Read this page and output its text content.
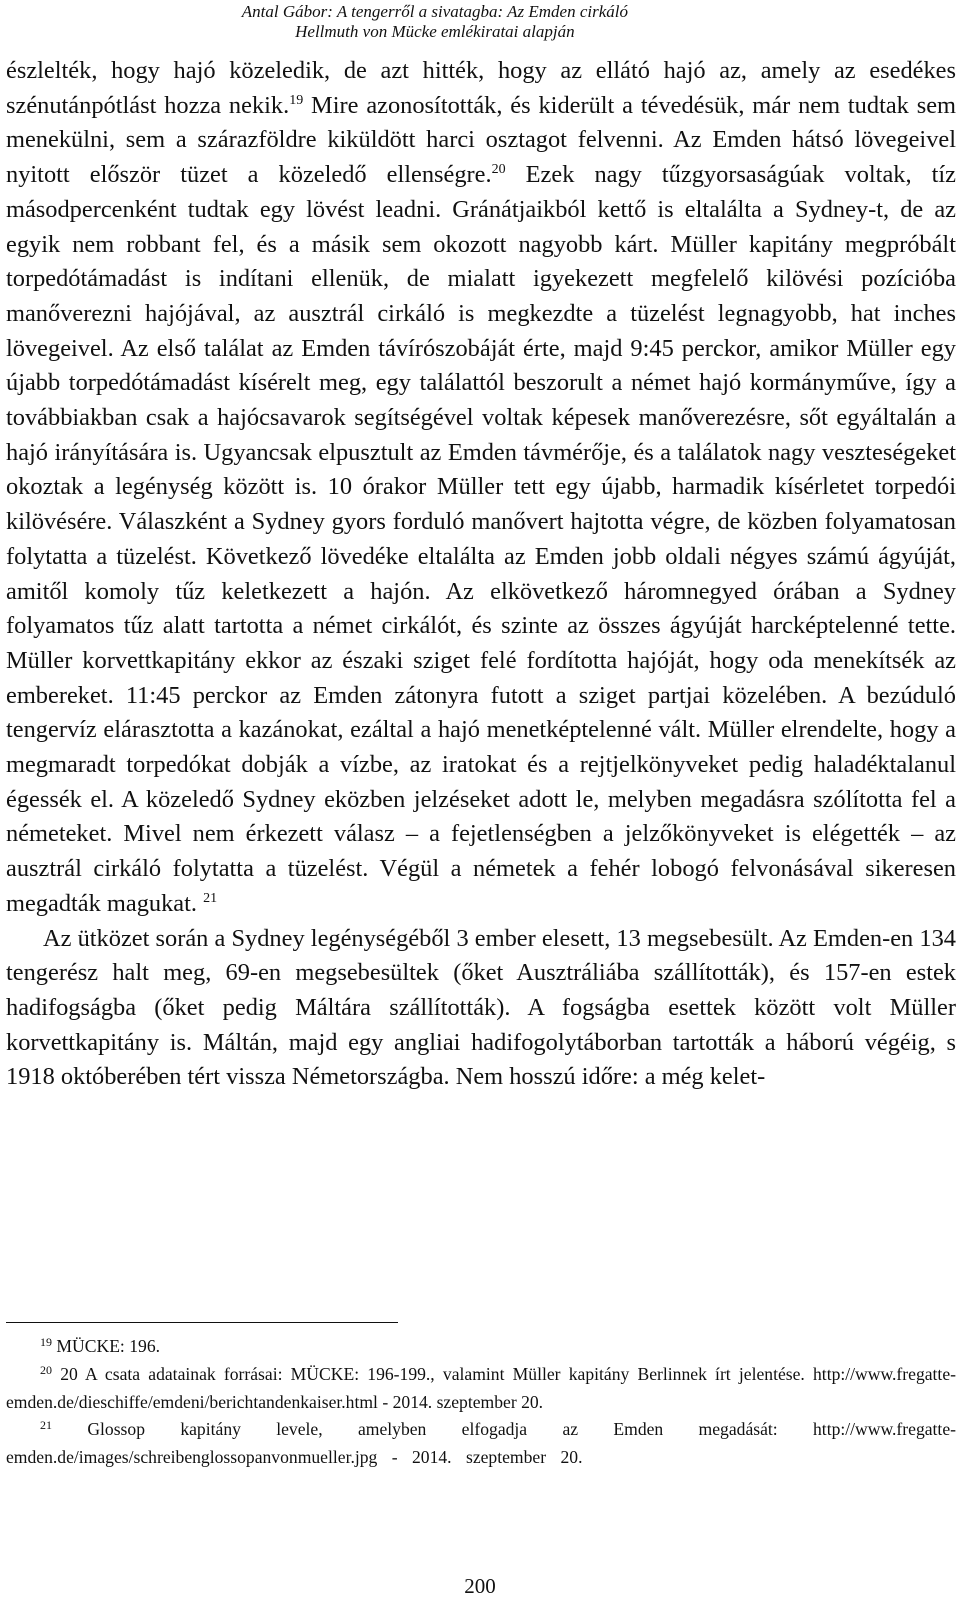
Antal Gábor: A tengerről a sivatagba: Az Emden cirkáló
Hellmuth von Mücke emlékiratai alapján

észlelték, hogy hajó közeledik, de azt hitték, hogy az ellátó hajó az, amely az esedékes szénutánpótlást hozza nekik.$^{19}$ Mire azonosították, és kiderült a tévedésük, már nem tudtak sem menekülni, sem a szárazföldre kiküldött harci osztagot felvenni. Az Emden hátsó lövegeivel nyitott először tüzet a közeledő ellenségre.$^{20}$ Ezek nagy tűzgyorsaságúak voltak, tíz másodpercenként tudtak egy lövést leadni. Gránátjaikból kettő is eltalálta a Sydney-t, de az egyik nem robbant fel, és a másik sem okozott nagyobb kárt. Müller kapitány megpróbált torpedótámadást is indítani ellenük, de mialatt igyekezett megfelelő kilövési pozícióba manőverezni hajójával, az ausztrál cirkáló is megkezdte a tüzelést legnagyobb, hat inches lövegeivel. Az első találat az Emden távírószobáját érte, majd 9:45 perckor, amikor Müller egy újabb torpedótámadást kísérelt meg, egy találattól beszorult a német hajó kormányműve, így a továbbiakban csak a hajócsavarok segítségével voltak képesek manőverezésre, sőt egyáltalán a hajó irányítására is. Ugyancsak elpusztult az Emden távmérője, és a találatok nagy veszteségeket okoztak a legénység között is. 10 órakor Müller tett egy újabb, harmadik kísérletet torpedói kilövésére. Válaszként a Sydney gyors forduló manővert hajtotta végre, de közben folyamatosan folytatta a tüzelést. Következő lövedéke eltalálta az Emden jobb oldali négyes számú ágyúját, amitől komoly tűz keletkezett a hajón. Az elkövetkező háromnegyed órában a Sydney folyamatos tűz alatt tartotta a német cirkálót, és szinte az összes ágyúját harcképtelenné tette. Müller korvettkapitány ekkor az északi sziget felé fordította hajóját, hogy oda menekítsék az embereket. 11:45 perckor az Emden zátonyra futott a sziget partjai közelében. A bezúduló tengervíz elárasztotta a kazánokat, ezáltal a hajó menetképtelenné vált. Müller elrendelte, hogy a megmaradt torpedókat dobják a vízbe, az iratokat és a rejtjelkönyveket pedig haladéktalanul égessék el. A közeledő Sydney eközben jelzéseket adott le, melyben megadásra szólította fel a németeket. Mivel nem érkezett válasz – a fejetlenségben a jelzőkönyveket is elégették – az ausztrál cirkáló folytatta a tüzelést. Végül a németek a fehér lobogó felvonásával sikeresen megadták magukat. $^{21}$

Az ütközet során a Sydney legénységéből 3 ember elesett, 13 megsebesült. Az Emden-en 134 tengerész halt meg, 69-en megsebesültek (őket Ausztráliába szállították), és 157-en estek hadifogságba (őket pedig Máltára szállították). A fogságba esettek között volt Müller korvettkapitány is. Máltán, majd egy angliai hadifogolytáborban tartották a háború végéig, s 1918 októberében tért vissza Németországba. Nem hosszú időre: a még kelet-

$^{19}$ MÜCKE: 196.

$^{20}$ 20 A csata adatainak forrásai: MÜCKE: 196-199., valamint Müller kapitány Berlinnek írt jelentése. http://www.fregatte-emden.de/dieschiffe/emdeni/berichtandenkaiser.html - 2014. szeptember 20.

$^{21}$ Glossop kapitány levele, amelyben elfogadja az Emden megadását: http://www.fregatte-emden.de/images/schreibenglossopanvonmueller.jpg - 2014. szeptember 20.

200
